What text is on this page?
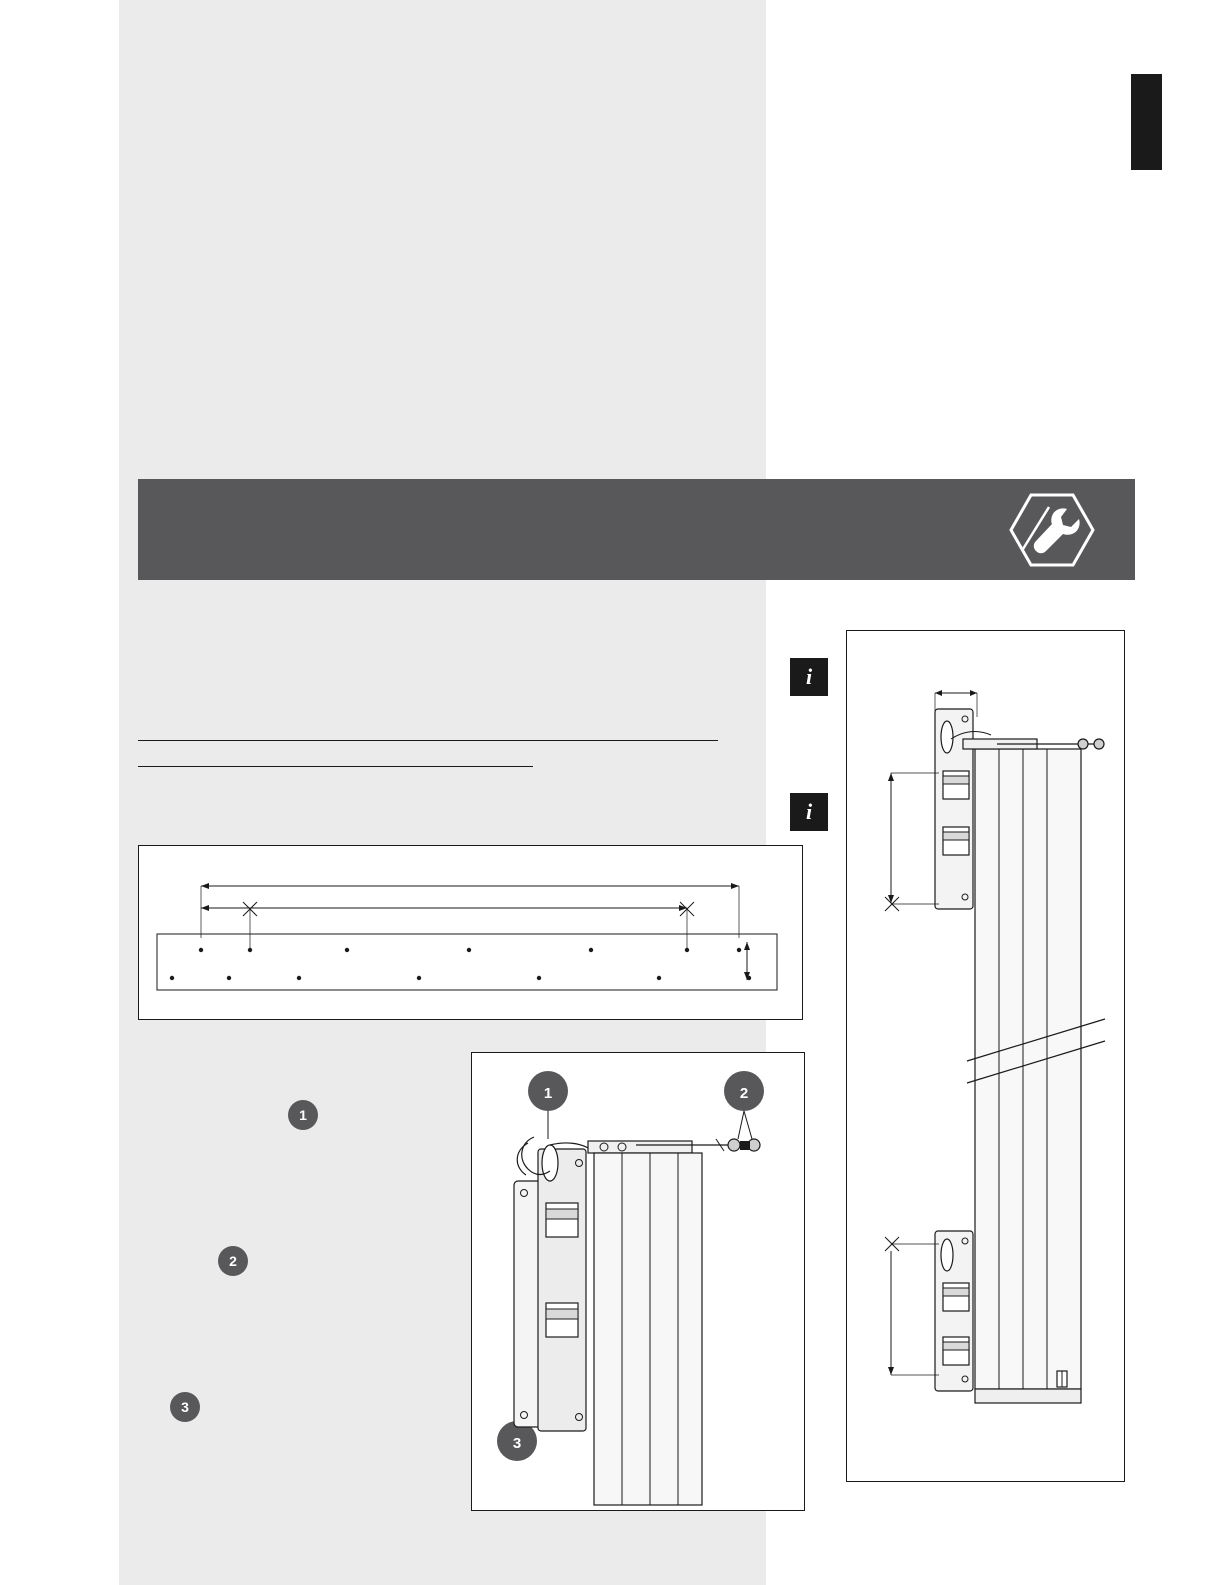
1	2
3
i
i
1
2
3
